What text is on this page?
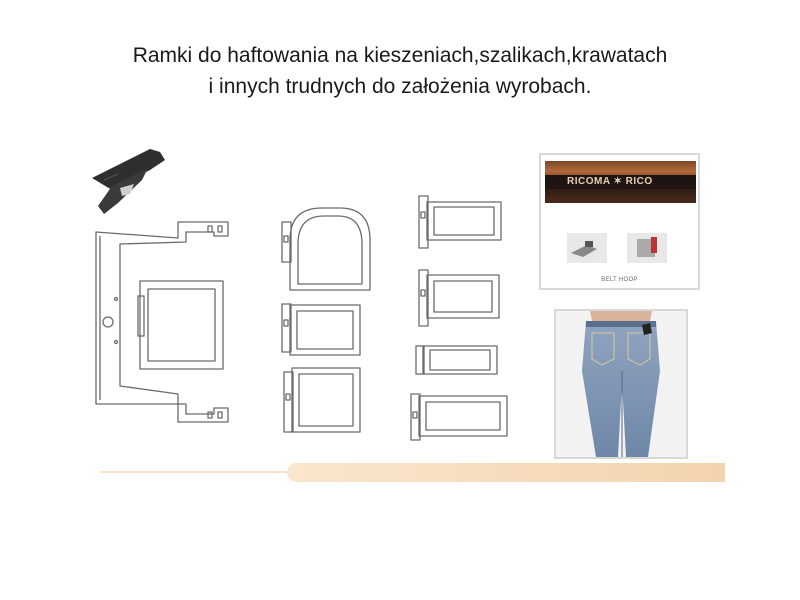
Ramki do haftowania na kieszeniach,szalikach,krawatach
i innych trudnych do założenia wyrobach.
RICOMA ✶ RICO
BELT HOOP
